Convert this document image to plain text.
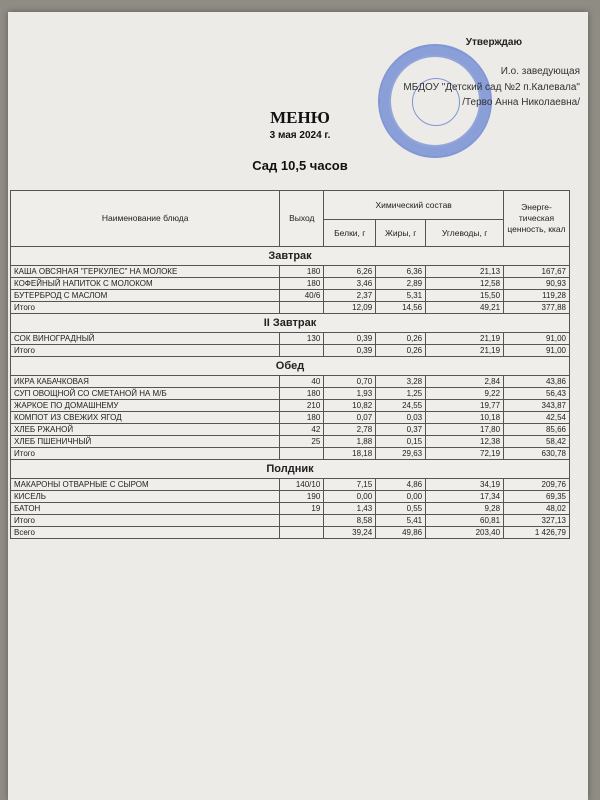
Утверждаю
И.о. заведующая
МБДОУ "Детский сад №2 п.Калевала"
/Терво Анна Николаевна/
МЕНЮ
3 мая 2024 г.
Сад 10,5 часов
Наименование блюда	Выход	Химический состав			Энерге-тическая ценность, ккал
		Белки, г	Жиры, г	Углеводы, г	
Завтрак					
КАША ОВСЯНАЯ "ГЕРКУЛЕС" НА МОЛОКЕ	180	6,26	6,36	21,13	167,67
КОФЕЙНЫЙ НАПИТОК С МОЛОКОМ	180	3,46	2,89	12,58	90,93
БУТЕРБРОД С МАСЛОМ	40/6	2,37	5,31	15,50	119,28
Итого		12,09	14,56	49,21	377,88
II Завтрак					
СОК ВИНОГРАДНЫЙ	130	0,39	0,26	21,19	91,00
Итого		0,39	0,26	21,19	91,00
Обед					
ИКРА КАБАЧКОВАЯ	40	0,70	3,28	2,84	43,86
СУП ОВОЩНОЙ СО СМЕТАНОЙ НА М/Б	180	1,93	1,25	9,22	56,43
ЖАРКОЕ ПО ДОМАШНЕМУ	210	10,82	24,55	19,77	343,87
КОМПОТ ИЗ СВЕЖИХ ЯГОД	180	0,07	0,03	10,18	42,54
ХЛЕБ РЖАНОЙ	42	2,78	0,37	17,80	85,66
ХЛЕБ ПШЕНИЧНЫЙ	25	1,88	0,15	12,38	58,42
Итого		18,18	29,63	72,19	630,78
Полдник					
МАКАРОНЫ ОТВАРНЫЕ С СЫРОМ	140/10	7,15	4,86	34,19	209,76
КИСЕЛЬ	190	0,00	0,00	17,34	69,35
БАТОН	19	1,43	0,55	9,28	48,02
Итого		8,58	5,41	60,81	327,13
Всего		39,24	49,86	203,40	1 426,79
